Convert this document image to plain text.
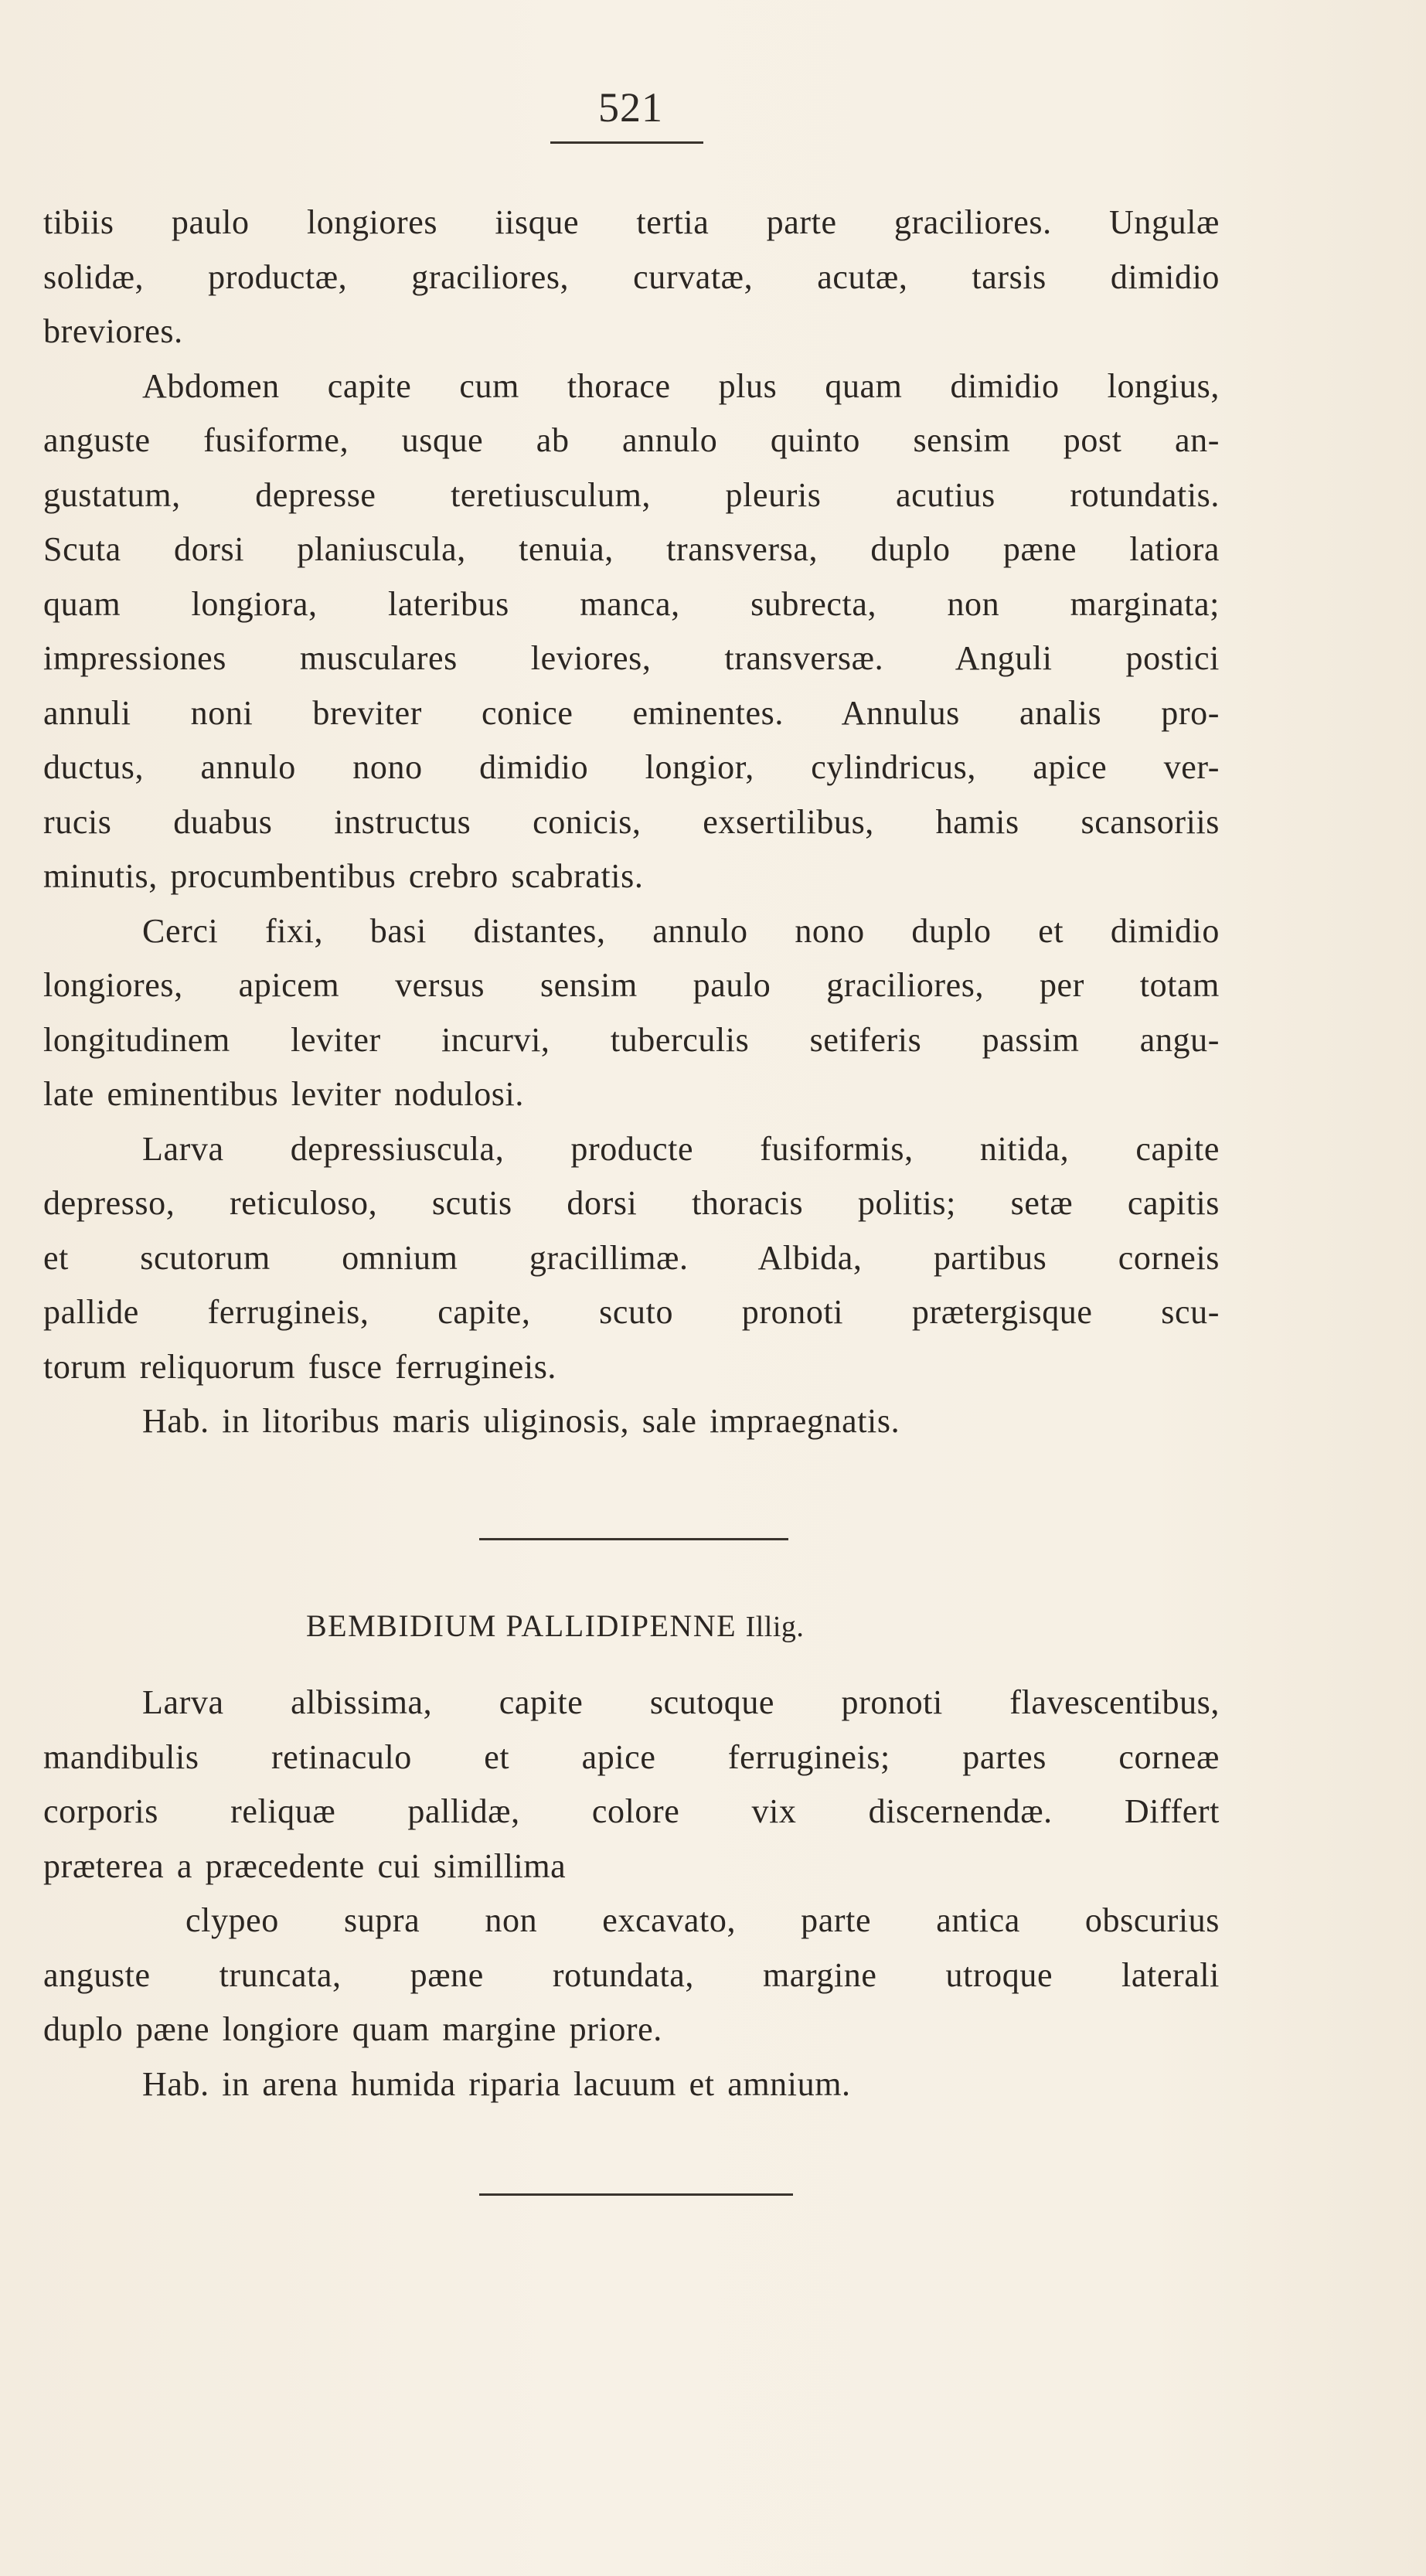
521
tibiis paulo longiores iisque tertia parte graciliores. Ungulæ
solidæ, productæ, graciliores, curvatæ, acutæ, tarsis dimidio
breviores.
Abdomen capite cum thorace plus quam dimidio longius,
anguste fusiforme, usque ab annulo quinto sensim post an-
gustatum, depresse teretiusculum, pleuris acutius rotundatis.
Scuta dorsi planiuscula, tenuia, transversa, duplo pæne latiora
quam longiora, lateribus manca, subrecta, non marginata;
impressiones musculares leviores, transversæ. Anguli postici
annuli noni breviter conice eminentes. Annulus analis pro-
ductus, annulo nono dimidio longior, cylindricus, apice ver-
rucis duabus instructus conicis, exsertilibus, hamis scansoriis
minutis, procumbentibus crebro scabratis.
Cerci fixi, basi distantes, annulo nono duplo et dimidio
longiores, apicem versus sensim paulo graciliores, per totam
longitudinem leviter incurvi, tuberculis setiferis passim angu-
late eminentibus leviter nodulosi.
Larva depressiuscula, producte fusiformis, nitida, capite
depresso, reticuloso, scutis dorsi thoracis politis; setæ capitis
et scutorum omnium gracillimæ. Albida, partibus corneis
pallide ferrugineis, capite, scuto pronoti prætergisque scu-
torum reliquorum fusce ferrugineis.
Hab. in litoribus maris uliginosis, sale impraegnatis.
BEMBIDIUM PALLIDIPENNE Illig.
Larva albissima, capite scutoque pronoti flavescentibus,
mandibulis retinaculo et apice ferrugineis; partes corneæ
corporis reliquæ pallidæ, colore vix discernendæ. Differt
præterea a præcedente cui simillima
clypeo supra non excavato, parte antica obscurius
anguste truncata, pæne rotundata, margine utroque laterali
duplo pæne longiore quam margine priore.
Hab. in arena humida riparia lacuum et amnium.
